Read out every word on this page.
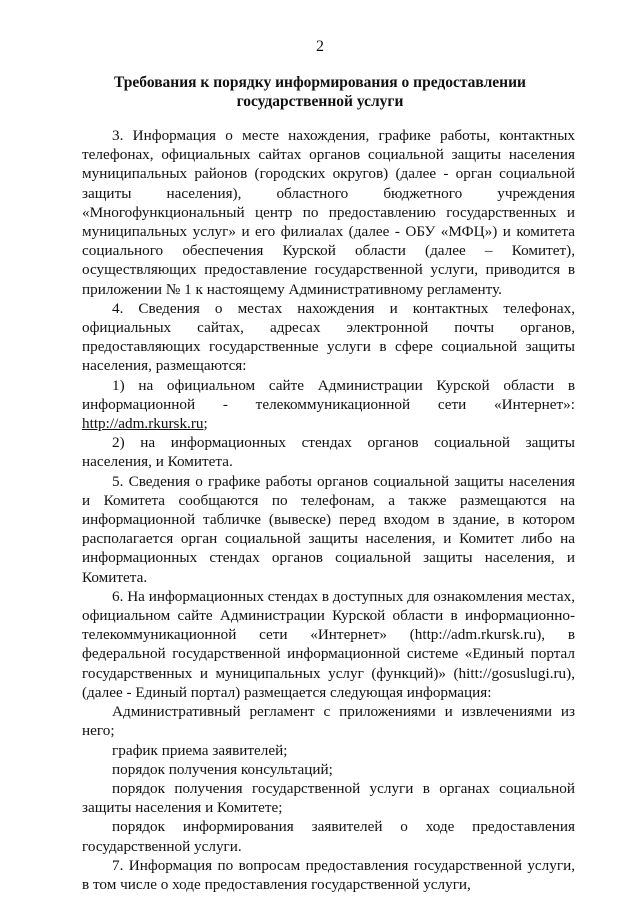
2
Требования к порядку информирования о предоставлении
государственной услуги

3. Информация о месте нахождения, графике работы, контактных телефонах, официальных сайтах органов социальной защиты населения муниципальных районов (городских округов) (далее - орган социальной защиты населения), областного бюджетного учреждения «Многофункциональный центр по предоставлению государственных и муниципальных услуг» и его филиалах (далее - ОБУ «МФЦ») и комитета социального обеспечения Курской области (далее – Комитет), осуществляющих предоставление государственной услуги, приводится в приложении № 1 к настоящему Административному регламенту.

4. Сведения о местах нахождения и контактных телефонах, официальных сайтах, адресах электронной почты органов, предоставляющих государственные услуги в сфере социальной защиты населения, размещаются:

1) на официальном сайте Администрации Курской области в информационной - телекоммуникационной сети «Интернет»: http://adm.rkursk.ru;

2) на информационных стендах органов социальной защиты населения, и Комитета.

5. Сведения о графике работы органов социальной защиты населения и Комитета сообщаются по телефонам, а также размещаются на информационной табличке (вывеске) перед входом в здание, в котором располагается орган социальной защиты населения, и Комитет либо на информационных стендах органов социальной защиты населения, и Комитета.

6. На информационных стендах в доступных для ознакомления местах, официальном сайте Администрации Курской области в информационно-телекоммуникационной сети «Интернет» (http://adm.rkursk.ru), в федеральной государственной информационной системе «Единый портал государственных и муниципальных услуг (функций)» (hitt://gosuslugi.ru), (далее - Единый портал) размещается следующая информация:

Административный регламент с приложениями и извлечениями из него;

график приема заявителей;

порядок получения консультаций;

порядок получения государственной услуги в органах социальной защиты населения и Комитете;

порядок информирования заявителей о ходе предоставления государственной услуги.

7. Информация по вопросам предоставления государственной услуги, в том числе о ходе предоставления государственной услуги,
